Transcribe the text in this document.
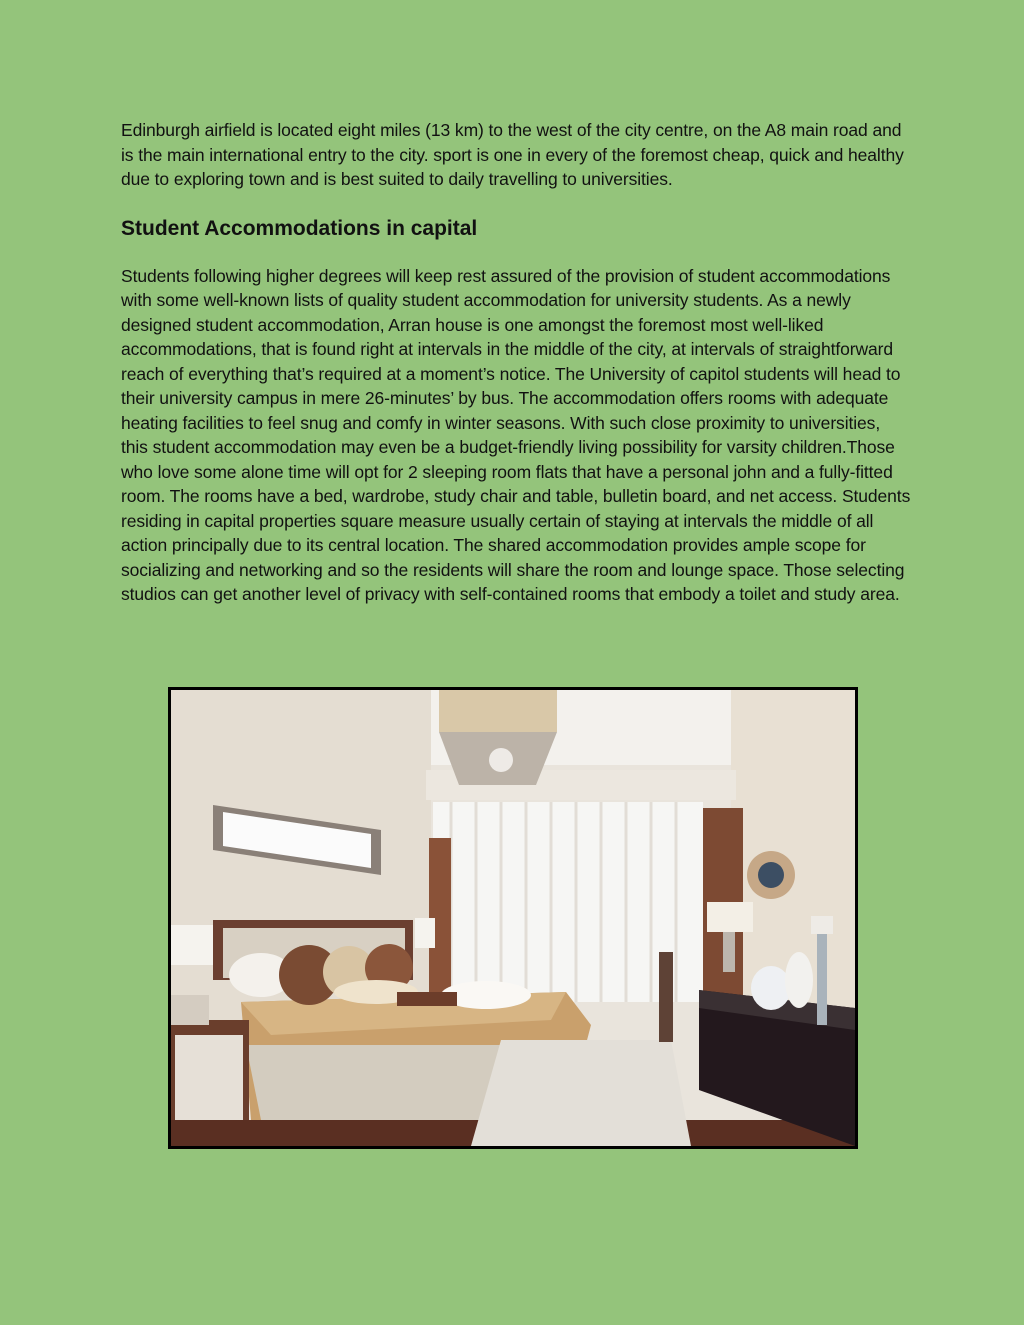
Edinburgh airfield is located eight miles (13 km) to the west of the city centre, on the A8 main road and is the main international entry to the city. sport is one in every of the foremost cheap, quick and healthy due to exploring town and is best suited to daily travelling to universities.

Student Accommodations in capital

Students following higher degrees will keep rest assured of the provision of student accommodations with some well-known lists of quality student accommodation for university students. As a newly designed student accommodation, Arran house is one amongst the foremost most well-liked accommodations, that is found right at intervals in the middle of the city, at intervals of straightforward reach of everything that’s required at a moment’s notice. The University of capitol students will head to their university campus in mere 26-minutes’ by bus. The accommodation offers rooms with adequate heating facilities to feel snug and comfy in winter seasons. With such close proximity to universities, this student accommodation may even be a budget-friendly living possibility for varsity children.Those who love some alone time will opt for 2 sleeping room flats that have a personal john and a fully-fitted room. The rooms have a bed, wardrobe, study chair and table, bulletin board, and net access. Students residing in capital properties square measure usually certain of staying at intervals the middle of all action principally due to its central location. The shared accommodation provides ample scope for socializing and networking and so the residents will share the room and lounge space. Those selecting studios can get another level of privacy with self-contained rooms that embody a toilet and study area.
